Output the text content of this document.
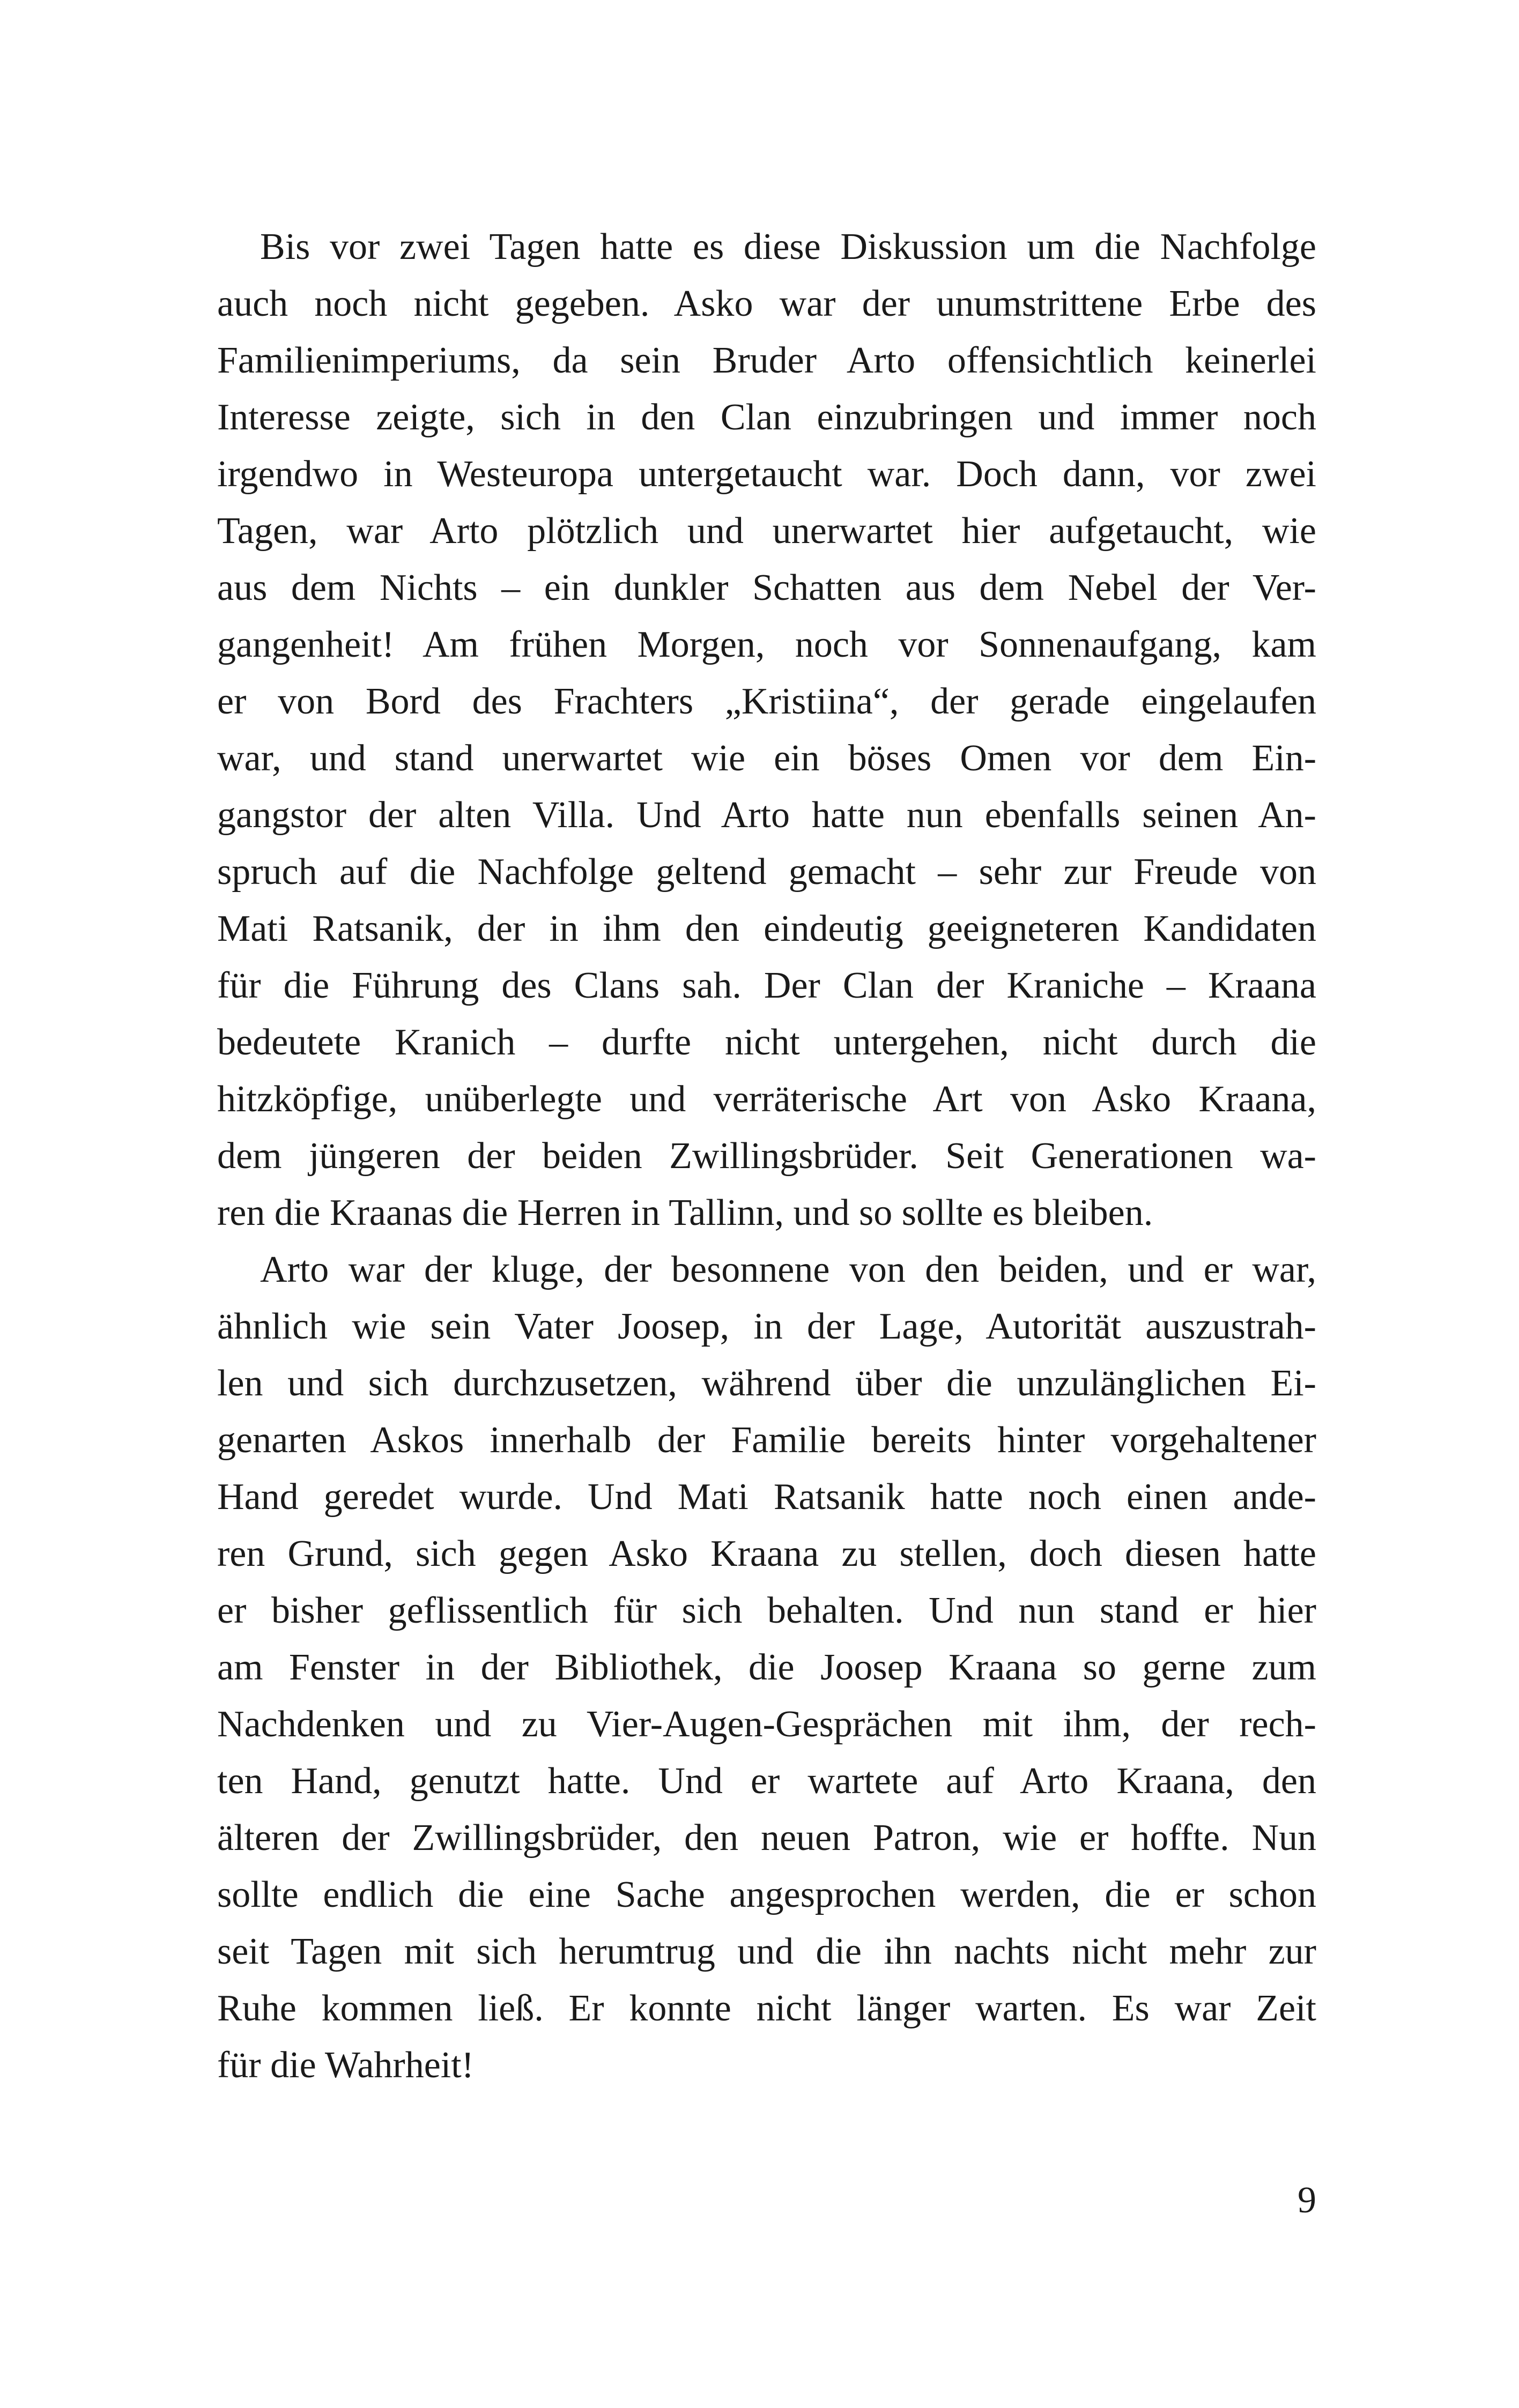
Bis vor zwei Tagen hatte es diese Diskussion um die Nachfolge
auch noch nicht gegeben. Asko war der unumstrittene Erbe des
Familienimperiums, da sein Bruder Arto offensichtlich keinerlei
Interesse zeigte, sich in den Clan einzubringen und immer noch
irgendwo in Westeuropa untergetaucht war. Doch dann, vor zwei
Tagen, war Arto plötzlich und unerwartet hier aufgetaucht, wie
aus dem Nichts – ein dunkler Schatten aus dem Nebel der Ver-
gangenheit! Am frühen Morgen, noch vor Sonnenaufgang, kam
er von Bord des Frachters „Kristiina“, der gerade eingelaufen
war, und stand unerwartet wie ein böses Omen vor dem Ein-
gangstor der alten Villa. Und Arto hatte nun ebenfalls seinen An-
spruch auf die Nachfolge geltend gemacht – sehr zur Freude von
Mati Ratsanik, der in ihm den eindeutig geeigneteren Kandidaten
für die Führung des Clans sah. Der Clan der Kraniche – Kraana
bedeutete Kranich – durfte nicht untergehen, nicht durch die
hitzköpfige, unüberlegte und verräterische Art von Asko Kraana,
dem jüngeren der beiden Zwillingsbrüder. Seit Generationen wa-
ren die Kraanas die Herren in Tallinn, und so sollte es bleiben.
Arto war der kluge, der besonnene von den beiden, und er war,
ähnlich wie sein Vater Joosep, in der Lage, Autorität auszustrah-
len und sich durchzusetzen, während über die unzulänglichen Ei-
genarten Askos innerhalb der Familie bereits hinter vorgehaltener
Hand geredet wurde. Und Mati Ratsanik hatte noch einen ande-
ren Grund, sich gegen Asko Kraana zu stellen, doch diesen hatte
er bisher geflissentlich für sich behalten. Und nun stand er hier
am Fenster in der Bibliothek, die Joosep Kraana so gerne zum
Nachdenken und zu Vier-Augen-Gesprächen mit ihm, der rech-
ten Hand, genutzt hatte. Und er wartete auf Arto Kraana, den
älteren der Zwillingsbrüder, den neuen Patron, wie er hoffte. Nun
sollte endlich die eine Sache angesprochen werden, die er schon
seit Tagen mit sich herumtrug und die ihn nachts nicht mehr zur
Ruhe kommen ließ. Er konnte nicht länger warten. Es war Zeit
für die Wahrheit!
9
